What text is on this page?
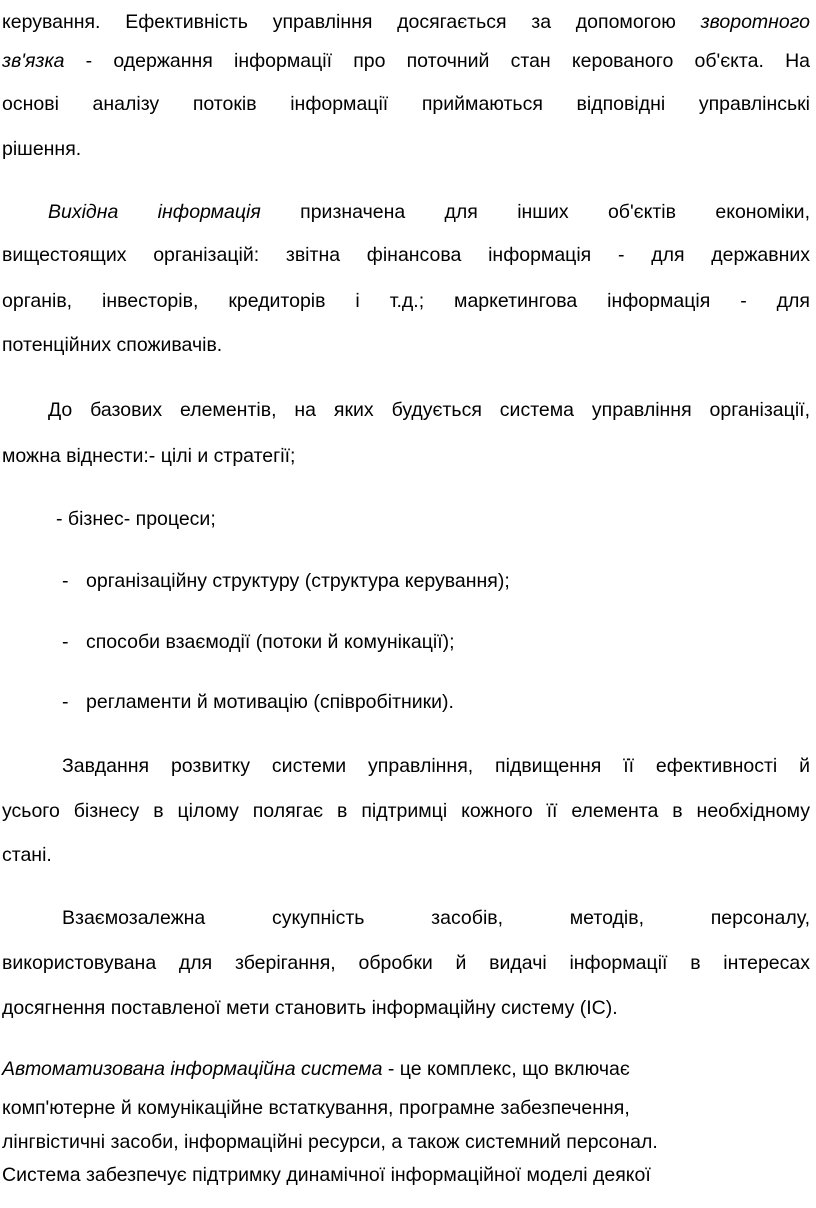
керування. Ефективність управління досягається за допомогою зворотного
зв'язка - одержання інформації про поточний стан керованого об'єкта. На
основі аналізу потоків інформації приймаються відповідні управлінські
рішення.
Вихідна інформація призначена для інших об'єктів економіки,
вищестоящих організацій: звітна фінансова інформація - для державних
органів, інвесторів, кредиторів і т.д.; маркетингова інформація - для
потенційних споживачів.
До базових елементів, на яких будується система управління організації,
можна віднести:- цілі и стратегії;
- бізнес- процеси;
- організаційну структуру (структура керування);
- способи взаємодії (потоки й комунікації);
- регламенти й мотивацію (співробітники).
Завдання розвитку системи управління, підвищення її ефективності й
усього бізнесу в цілому полягає в підтримці кожного її елемента в необхідному
стані.
Взаємозалежна сукупність засобів, методів, персоналу,
використовувана для зберігання, обробки й видачі інформації в інтересах
досягнення поставленої мети становить інформаційну систему (ІС).
Автоматизована інформаційна система - це комплекс, що включає
комп'ютерне й комунікаційне встаткування, програмне забезпечення,
лінгвістичні засоби, інформаційні ресурси, а також системний персонал.
Система забезпечує підтримку динамічної інформаційної моделі деякої
